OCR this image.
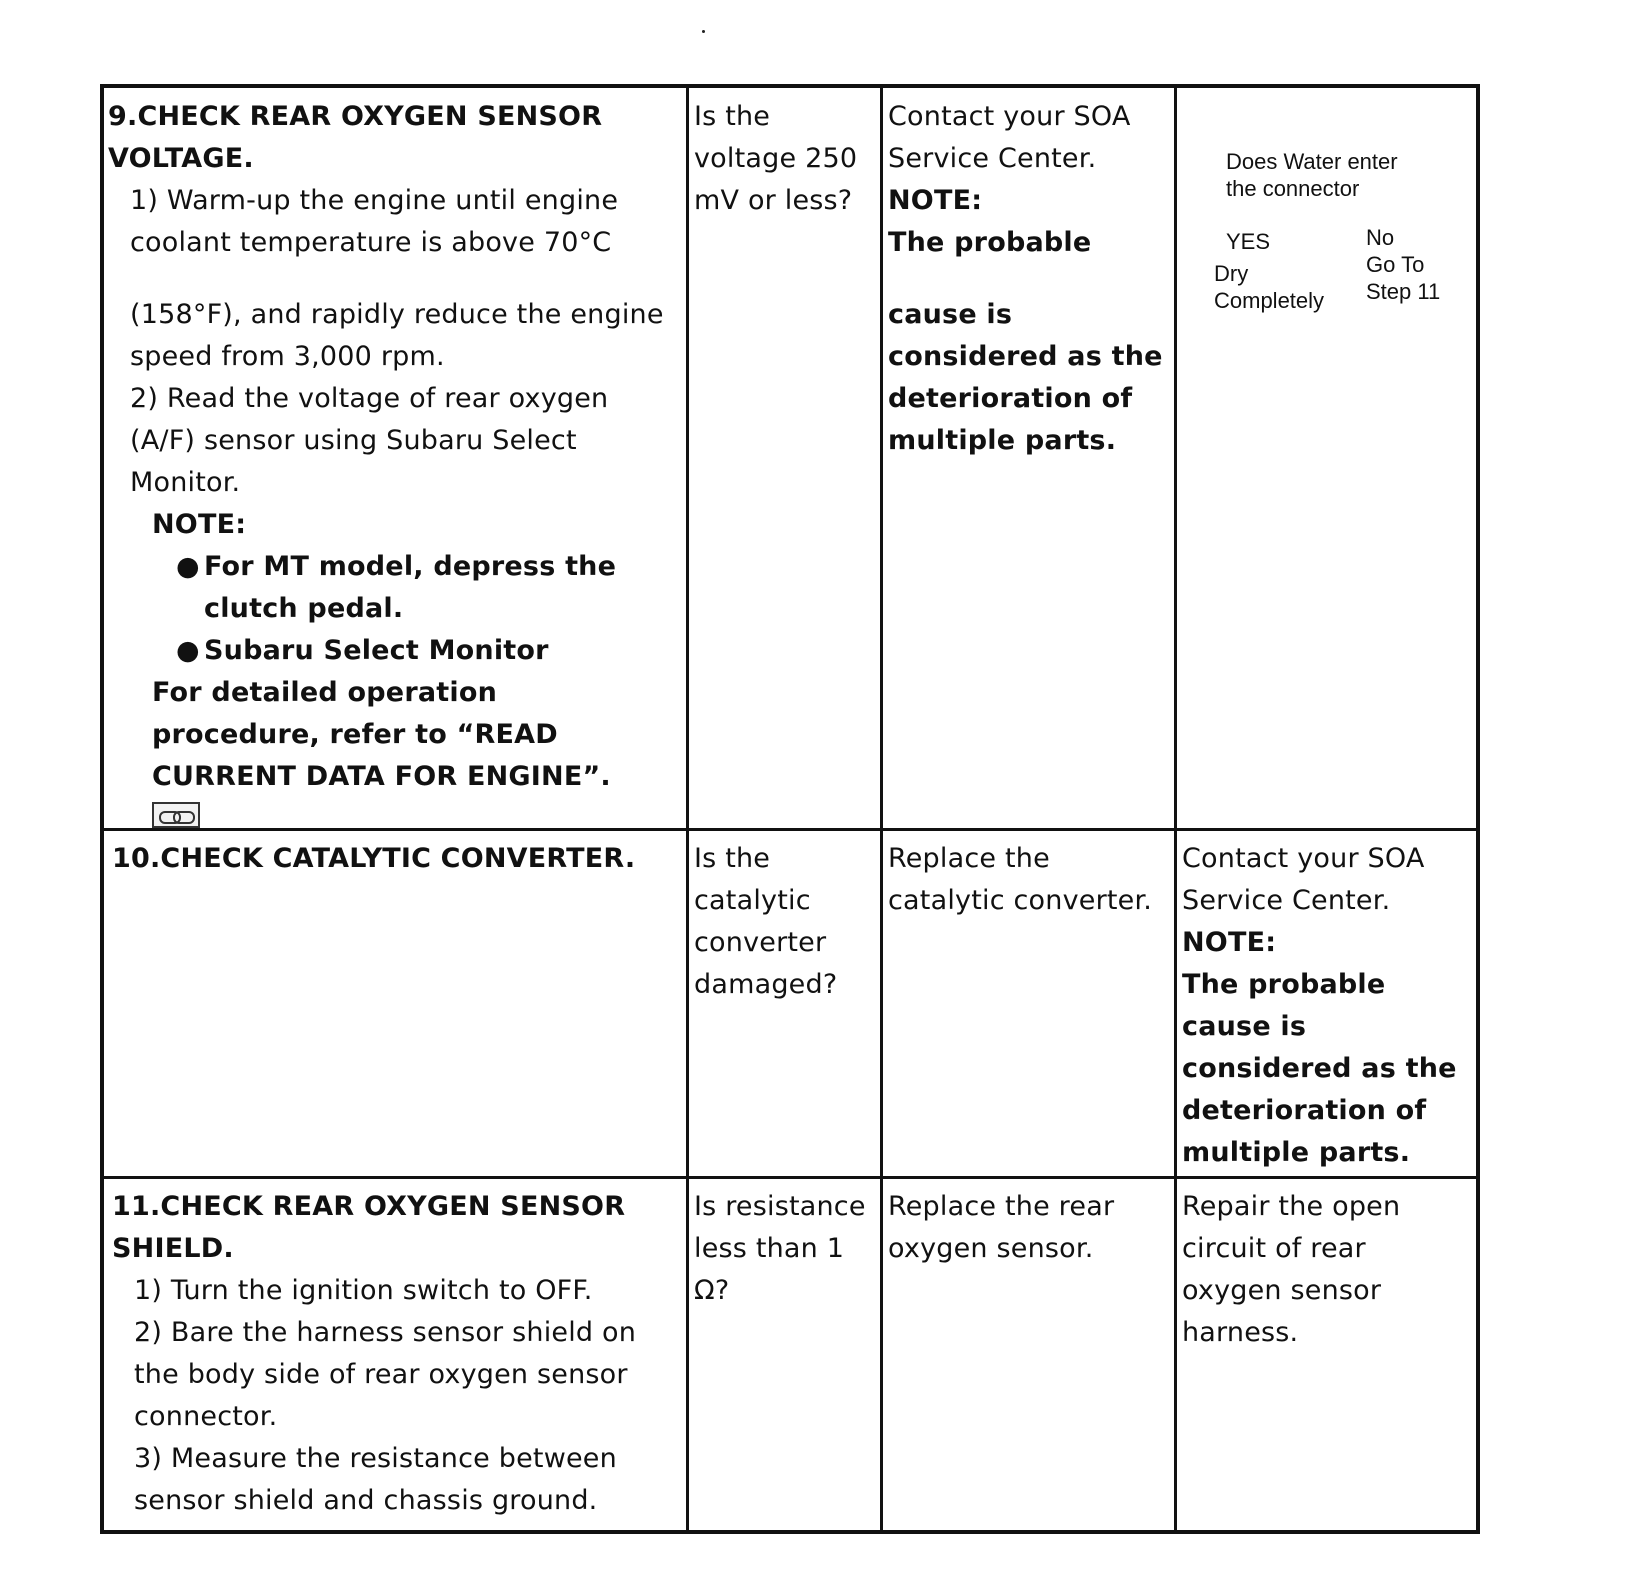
9.CHECK REAR OXYGEN SENSOR
VOLTAGE.
1) Warm-up the engine until engine
coolant temperature is above 70°C
(158°F), and rapidly reduce the engine
speed from 3,000 rpm.
2) Read the voltage of rear oxygen
(A/F) sensor using Subaru Select
Monitor.
NOTE:
● For MT model, depress the clutch pedal.
● Subaru Select Monitor
For detailed operation
procedure, refer to “READ
CURRENT DATA FOR ENGINE”.
Is the
voltage 250
mV or less?
Contact your SOA
Service Center.
NOTE:
The probable
cause is
considered as the
deterioration of
multiple parts.
Does Water enter
the connector
YES
Dry
Completely
No
Go To
Step 11
10.CHECK CATALYTIC CONVERTER.	Is the
catalytic
converter
damaged?
Replace the
catalytic converter.
Contact your SOA
Service Center.
NOTE:
The probable
cause is
considered as the
deterioration of
multiple parts.
11.CHECK REAR OXYGEN SENSOR
SHIELD.
1) Turn the ignition switch to OFF.
2) Bare the harness sensor shield on
the body side of rear oxygen sensor
connector.
3) Measure the resistance between
sensor shield and chassis ground.
Is resistance
less than 1
Ω?
Replace the rear
oxygen sensor.
Repair the open
circuit of rear
oxygen sensor
harness.
